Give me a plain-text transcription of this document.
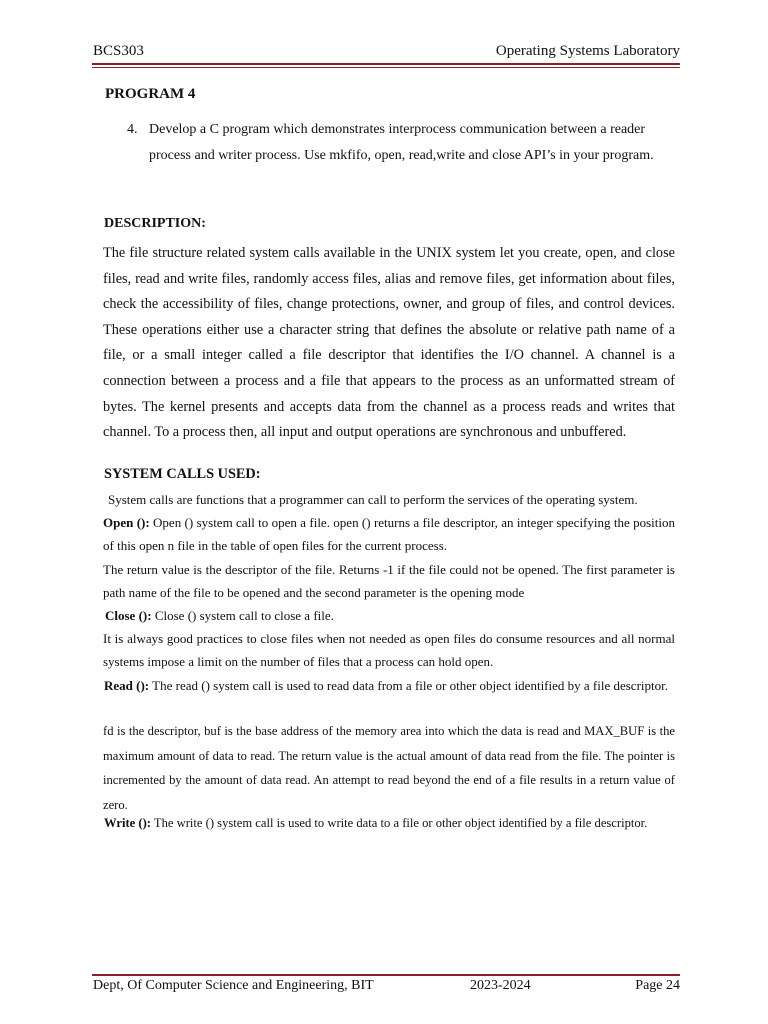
BCS303	Operating Systems Laboratory
PROGRAM 4
4. Develop a C program which demonstrates interprocess communication between a reader process and writer process. Use mkfifo, open, read,write and close API’s in your program.
DESCRIPTION:
The file structure related system calls available in the UNIX system let you create, open, and close files, read and write files, randomly access files, alias and remove files, get information about files, check the accessibility of files, change protections, owner, and group of files, and control devices. These operations either use a character string that defines the absolute or relative path name of a file, or a small integer called a file descriptor that identifies the I/O channel. A channel is a connection between a process and a file that appears to the process as an unformatted stream of bytes. The kernel presents and accepts data from the channel as a process reads and writes that channel. To a process then, all input and output operations are synchronous and unbuffered.
SYSTEM CALLS USED:
System calls are functions that a programmer can call to perform the services of the operating system.
Open (): Open () system call to open a file. open () returns a file descriptor, an integer specifying the position of this open n file in the table of open files for the current process.
The return value is the descriptor of the file. Returns -1 if the file could not be opened. The first parameter is path name of the file to be opened and the second parameter is the opening mode
Close (): Close () system call to close a file.
It is always good practices to close files when not needed as open files do consume resources and all normal systems impose a limit on the number of files that a process can hold open.
Read (): The read () system call is used to read data from a file or other object identified by a file descriptor.
fd is the descriptor, buf is the base address of the memory area into which the data is read and MAX_BUF is the maximum amount of data to read. The return value is the actual amount of data read from the file. The pointer is incremented by the amount of data read. An attempt to read beyond the end of a file results in a return value of zero.
Write (): The write () system call is used to write data to a file or other object identified by a file descriptor.
Dept, Of Computer Science and Engineering, BIT	2023-2024	Page 24
